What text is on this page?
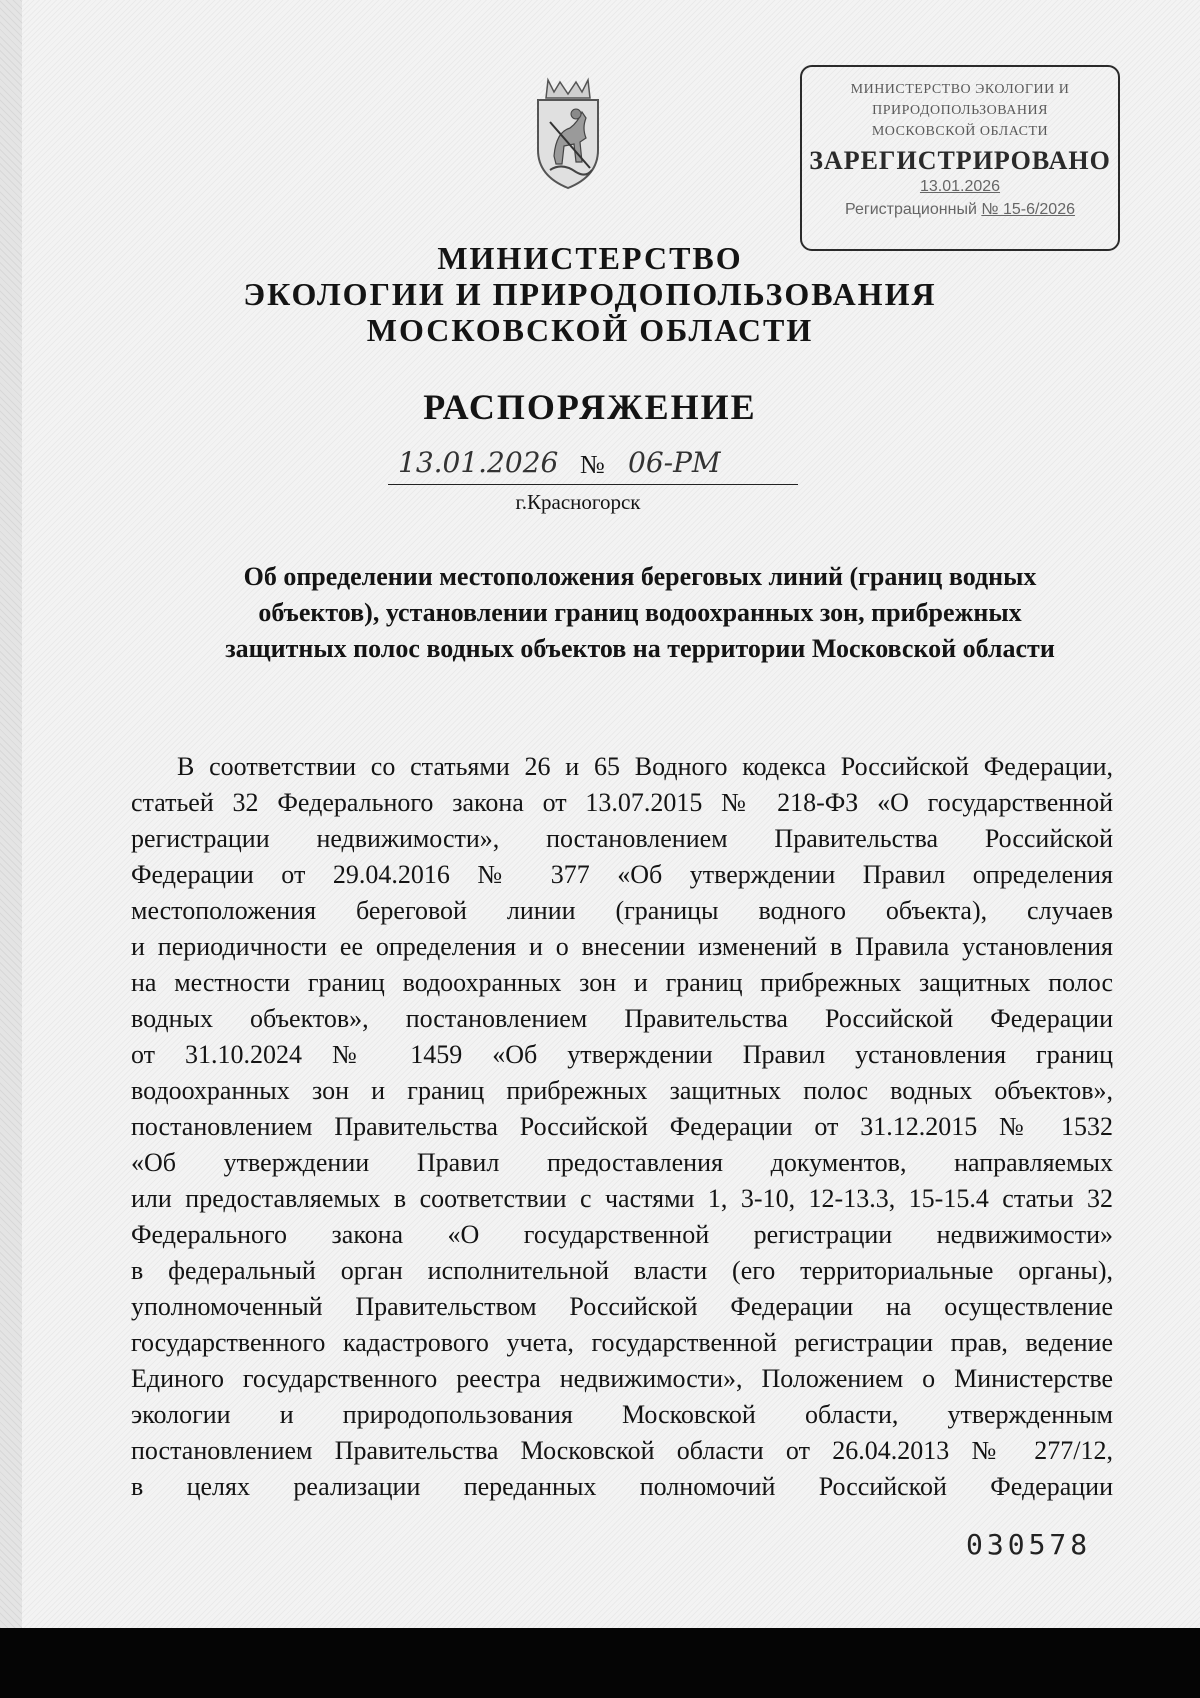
МИНИСТЕРСТВО ЭКОЛОГИИ И
ПРИРОДОПОЛЬЗОВАНИЯ
МОСКОВСКОЙ ОБЛАСТИ
ЗАРЕГИСТРИРОВАНО
13.01.2026
Регистрационный № 15-6/2026
МИНИСТЕРСТВО
ЭКОЛОГИИ И ПРИРОДОПОЛЬЗОВАНИЯ
МОСКОВСКОЙ ОБЛАСТИ
РАСПОРЯЖЕНИЕ
13.01.2026 № 06-РМ
г.Красногорск
Об определении местоположения береговых линий (границ водных
объектов), установлении границ водоохранных зон, прибрежных
защитных полос водных объектов на территории Московской области
В соответствии со статьями 26 и 65 Водного кодекса Российской Федерации,
статьей 32 Федерального закона от 13.07.2015 № 218-ФЗ «О государственной
регистрации недвижимости», постановлением Правительства Российской
Федерации от 29.04.2016 № 377 «Об утверждении Правил определения
местоположения береговой линии (границы водного объекта), случаев
и периодичности ее определения и о внесении изменений в Правила установления
на местности границ водоохранных зон и границ прибрежных защитных полос
водных объектов», постановлением Правительства Российской Федерации
от 31.10.2024 № 1459 «Об утверждении Правил установления границ
водоохранных зон и границ прибрежных защитных полос водных объектов»,
постановлением Правительства Российской Федерации от 31.12.2015 № 1532
«Об утверждении Правил предоставления документов, направляемых
или предоставляемых в соответствии с частями 1, 3-10, 12-13.3, 15-15.4 статьи 32
Федерального закона «О государственной регистрации недвижимости»
в федеральный орган исполнительной власти (его территориальные органы),
уполномоченный Правительством Российской Федерации на осуществление
государственного кадастрового учета, государственной регистрации прав, ведение
Единого государственного реестра недвижимости», Положением о Министерстве
экологии и природопользования Московской области, утвержденным
постановлением Правительства Московской области от 26.04.2013 № 277/12,
в целях реализации переданных полномочий Российской Федерации
030578
